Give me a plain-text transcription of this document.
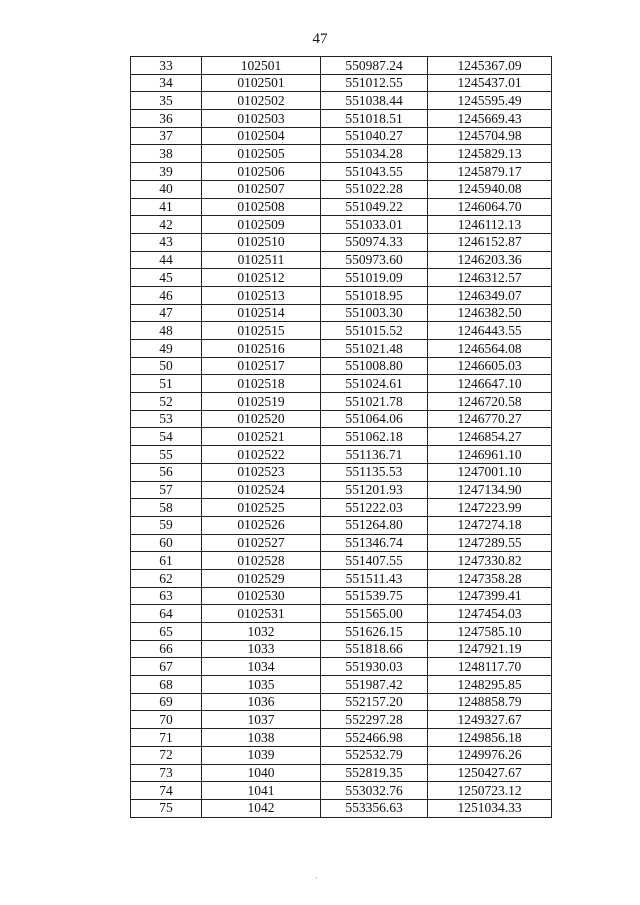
47
33	102501	550987.24	1245367.09
34	0102501	551012.55	1245437.01
35	0102502	551038.44	1245595.49
36	0102503	551018.51	1245669.43
37	0102504	551040.27	1245704.98
38	0102505	551034.28	1245829.13
39	0102506	551043.55	1245879.17
40	0102507	551022.28	1245940.08
41	0102508	551049.22	1246064.70
42	0102509	551033.01	1246112.13
43	0102510	550974.33	1246152.87
44	0102511	550973.60	1246203.36
45	0102512	551019.09	1246312.57
46	0102513	551018.95	1246349.07
47	0102514	551003.30	1246382.50
48	0102515	551015.52	1246443.55
49	0102516	551021.48	1246564.08
50	0102517	551008.80	1246605.03
51	0102518	551024.61	1246647.10
52	0102519	551021.78	1246720.58
53	0102520	551064.06	1246770.27
54	0102521	551062.18	1246854.27
55	0102522	551136.71	1246961.10
56	0102523	551135.53	1247001.10
57	0102524	551201.93	1247134.90
58	0102525	551222.03	1247223.99
59	0102526	551264.80	1247274.18
60	0102527	551346.74	1247289.55
61	0102528	551407.55	1247330.82
62	0102529	551511.43	1247358.28
63	0102530	551539.75	1247399.41
64	0102531	551565.00	1247454.03
65	1032	551626.15	1247585.10
66	1033	551818.66	1247921.19
67	1034	551930.03	1248117.70
68	1035	551987.42	1248295.85
69	1036	552157.20	1248858.79
70	1037	552297.28	1249327.67
71	1038	552466.98	1249856.18
72	1039	552532.79	1249976.26
73	1040	552819.35	1250427.67
74	1041	553032.76	1250723.12
75	1042	553356.63	1251034.33
'
